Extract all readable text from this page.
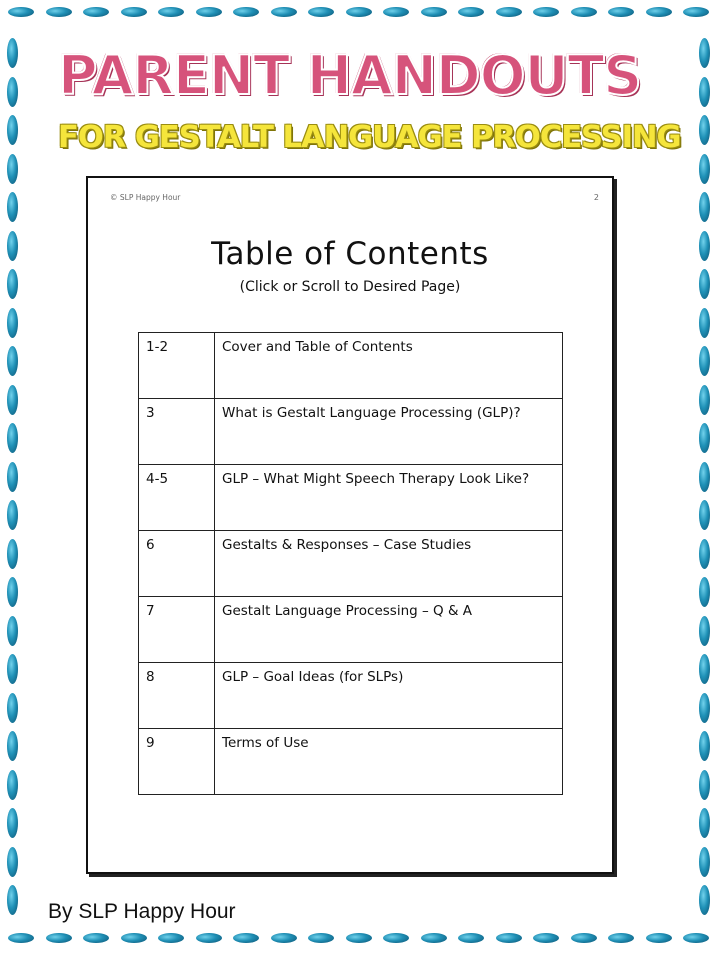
PARENT HANDOUTS
FOR GESTALT LANGUAGE PROCESSING
© SLP Happy Hour	2
Table of Contents
(Click or Scroll to Desired Page)
1-2	Cover and Table of Contents
3	What is Gestalt Language Processing (GLP)?
4-5	GLP – What Might Speech Therapy Look Like?
6	Gestalts & Responses – Case Studies
7	Gestalt Language Processing – Q & A
8	GLP – Goal Ideas (for SLPs)
9	Terms of Use
By SLP Happy Hour
